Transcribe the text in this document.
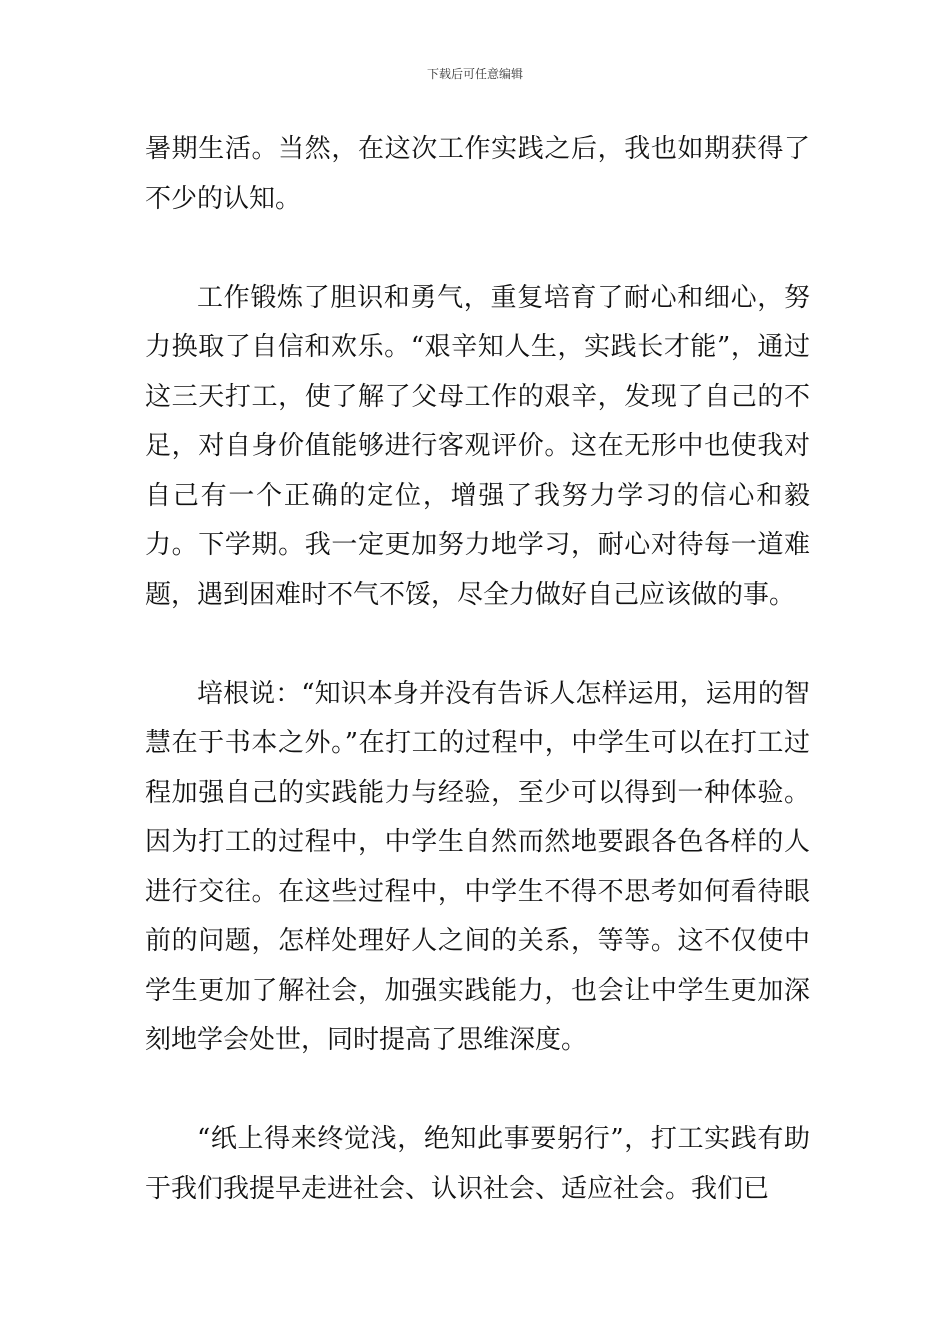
下载后可任意编辑

暑期生活。当然，在这次工作实践之后，我也如期获得了不少的认知。

工作锻炼了胆识和勇气，重复培育了耐心和细心，努力换取了自信和欢乐。“艰辛知人生，实践长才能”，通过这三天打工，使了解了父母工作的艰辛，发现了自己的不足，对自身价值能够进行客观评价。这在无形中也使我对自己有一个正确的定位，增强了我努力学习的信心和毅力。下学期。我一定更加努力地学习，耐心对待每一道难题，遇到困难时不气不馁，尽全力做好自己应该做的事。

培根说：“知识本身并没有告诉人怎样运用，运用的智慧在于书本之外。”在打工的过程中，中学生可以在打工过程加强自己的实践能力与经验，至少可以得到一种体验。因为打工的过程中，中学生自然而然地要跟各色各样的人进行交往。在这些过程中，中学生不得不思考如何看待眼前的问题，怎样处理好人之间的关系，等等。这不仅使中学生更加了解社会，加强实践能力，也会让中学生更加深刻地学会处世，同时提高了思维深度。

“纸上得来终觉浅，绝知此事要躬行”，打工实践有助于我们我提早走进社会、认识社会、适应社会。我们已
